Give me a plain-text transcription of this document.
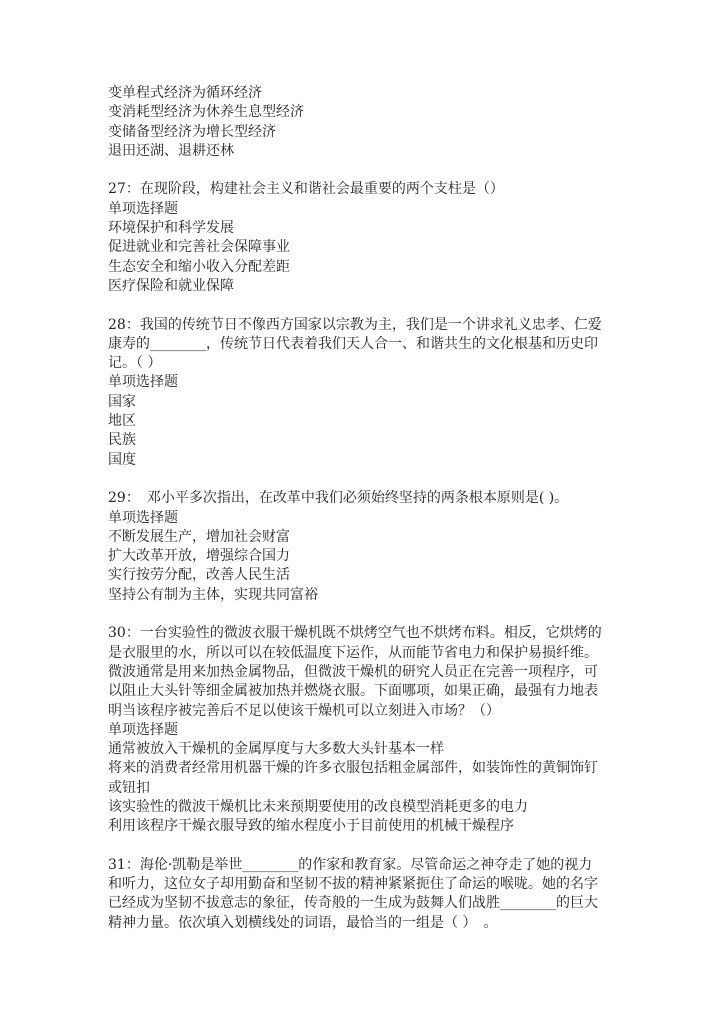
变单程式经济为循环经济
变消耗型经济为休养生息型经济
变储备型经济为增长型经济
退田还湖、退耕还林
27：在现阶段，构建社会主义和谐社会最重要的两个支柱是（）
单项选择题
环境保护和科学发展
促进就业和完善社会保障事业
生态安全和缩小收入分配差距
医疗保险和就业保障
28：我国的传统节日不像西方国家以宗教为主，我们是一个讲求礼义忠孝、仁爱
康寿的________，传统节日代表着我们天人合一、和谐共生的文化根基和历史印
记。（ ）
单项选择题
国家
地区
民族
国度
29：　邓小平多次指出，在改革中我们必须始终坚持的两条根本原则是( )。
单项选择题
不断发展生产，增加社会财富
扩大改革开放，增强综合国力
实行按劳分配，改善人民生活
坚持公有制为主体，实现共同富裕
30：一台实验性的微波衣服干燥机既不烘烤空气也不烘烤布料。相反，它烘烤的
是衣服里的水，所以可以在较低温度下运作，从而能节省电力和保护易损纤维。
微波通常是用来加热金属物品，但微波干燥机的研究人员正在完善一项程序，可
以阻止大头针等细金属被加热并燃烧衣服。下面哪项，如果正确，最强有力地表
明当该程序被完善后不足以使该干燥机可以立刻进入市场？（）
单项选择题
通常被放入干燥机的金属厚度与大多数大头针基本一样
将来的消费者经常用机器干燥的许多衣服包括粗金属部件，如装饰性的黄铜饰钉
或钮扣
该实验性的微波干燥机比未来预期要使用的改良模型消耗更多的电力
利用该程序干燥衣服导致的缩水程度小于目前使用的机械干燥程序
31：海伦·凯勒是举世________的作家和教育家。尽管命运之神夺走了她的视力
和听力，这位女子却用勤奋和坚韧不拔的精神紧紧扼住了命运的喉咙。她的名字
已经成为坚韧不拔意志的象征，传奇般的一生成为鼓舞人们战胜________的巨大
精神力量。依次填入划横线处的词语，最恰当的一组是（ ）　。
